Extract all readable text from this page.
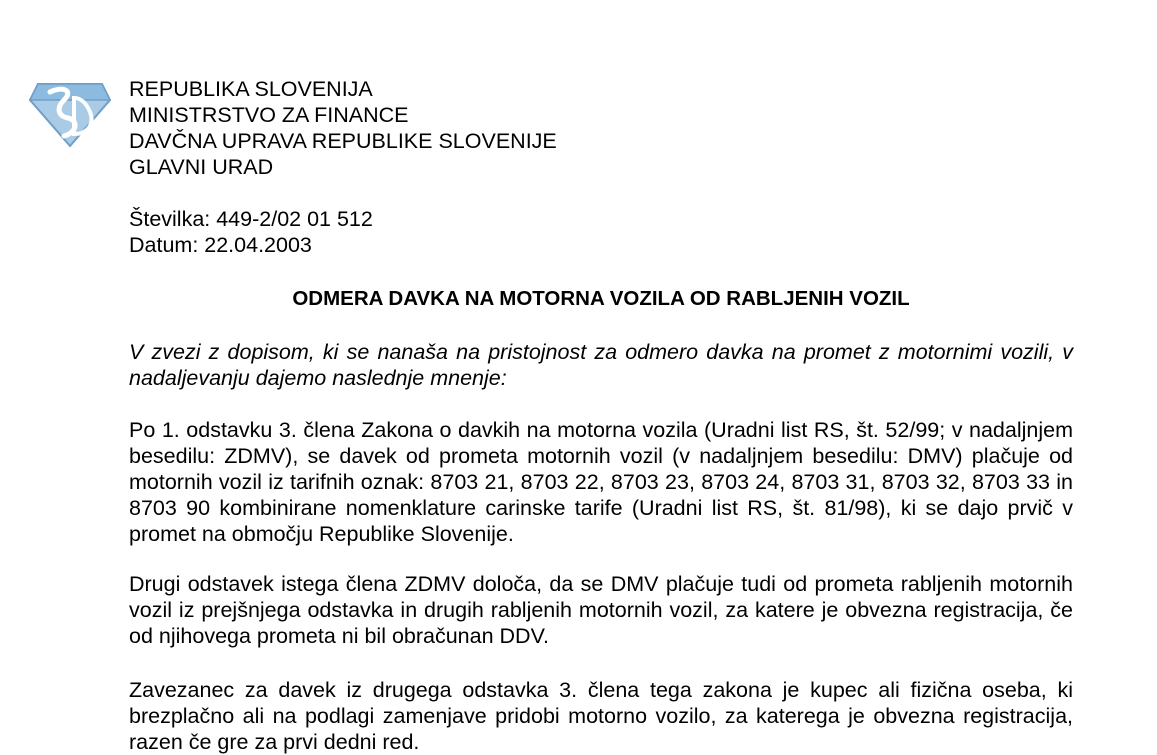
REPUBLIKA SLOVENIJA
MINISTRSTVO ZA FINANCE
DAVČNA UPRAVA REPUBLIKE SLOVENIJE
GLAVNI URAD
Številka: 449-2/02 01 512
Datum: 22.04.2003
ODMERA DAVKA NA MOTORNA VOZILA OD RABLJENIH VOZIL

V zvezi z dopisom, ki se nanaša na pristojnost za odmero davka na promet z motornimi vozili, v nadaljevanju dajemo naslednje mnenje:

Po 1. odstavku 3. člena Zakona o davkih na motorna vozila (Uradni list RS, št. 52/99; v nadaljnjem besedilu: ZDMV), se davek od prometa motornih vozil (v nadaljnjem besedilu: DMV) plačuje od motornih vozil iz tarifnih oznak: 8703 21, 8703 22, 8703 23, 8703 24, 8703 31, 8703 32, 8703 33 in 8703 90 kombinirane nomenklature carinske tarife (Uradni list RS, št. 81/98), ki se dajo prvič v promet na območju Republike Slovenije.

Drugi odstavek istega člena ZDMV določa, da se DMV plačuje tudi od prometa rabljenih motornih vozil iz prejšnjega odstavka in drugih rabljenih motornih vozil, za katere je obvezna registracija, če od njihovega prometa ni bil obračunan DDV.

Zavezanec za davek iz drugega odstavka 3. člena tega zakona je kupec ali fizična oseba, ki brezplačno ali na podlagi zamenjave pridobi motorno vozilo, za katerega je obvezna registracija, razen če gre za prvi dedni red.
